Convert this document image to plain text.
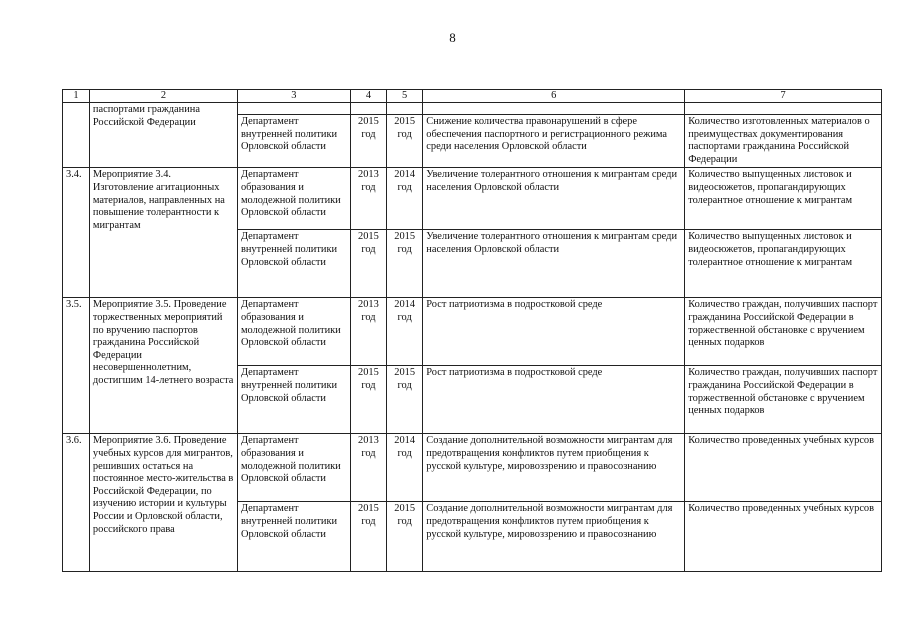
8
1	2	3	4	5	6	7

	паспортами гражданина Российской Федерации					

		Департамент внутренней политики Орловской области	2015 год	2015 год	Снижение количества правонарушений в сфере обеспечения паспортного и регистрационного режима среди населения Орловской области	Количество изготовленных материалов о преимуществах документирования паспортами гражданина Российской Федерации

3.4.	Мероприятие 3.4. Изготовление агитационных материалов, направленных на повышение толерантности к мигрантам	Департамент образования и молодежной политики Орловской области	2013 год	2014 год	Увеличение толерантного отношения к мигрантам среди населения Орловской области	Количество выпущенных листовок и видеосюжетов, пропагандирующих толерантное отношение к мигрантам

		Департамент внутренней политики Орловской области	2015 год	2015 год	Увеличение толерантного отношения к мигрантам среди населения Орловской области	Количество выпущенных листовок и видеосюжетов, пропагандирующих толерантное отношение к мигрантам

3.5.	Мероприятие 3.5. Проведение торжественных мероприятий по вручению паспортов гражданина Российской Федерации несовершеннолетним, достигшим 14-летнего возраста	Департамент образования и молодежной политики Орловской области	2013 год	2014 год	Рост патриотизма в подростковой среде	Количество граждан, получивших паспорт гражданина Российской Федерации в торжественной обстановке с вручением ценных подарков

		Департамент внутренней политики Орловской области	2015 год	2015 год	Рост патриотизма в подростковой среде	Количество граждан, получивших паспорт гражданина Российской Федерации в торжественной обстановке с вручением ценных подарков

3.6.	Мероприятие 3.6. Проведение учебных курсов для мигрантов, решивших остаться на постоянное место-жительства в Российской Федерации, по изучению истории и культуры России и Орловской области, российского права	Департамент образования и молодежной политики Орловской области	2013 год	2014 год	Создание дополнительной возможности мигрантам для предотвращения конфликтов путем приобщения к русской культуре, мировоззрению и правосознанию	Количество проведенных учебных курсов

		Департамент внутренней политики Орловской области	2015 год	2015 год	Создание дополнительной возможности мигрантам для предотвращения конфликтов путем приобщения к русской культуре, мировоззрению и правосознанию	Количество проведенных учебных курсов
